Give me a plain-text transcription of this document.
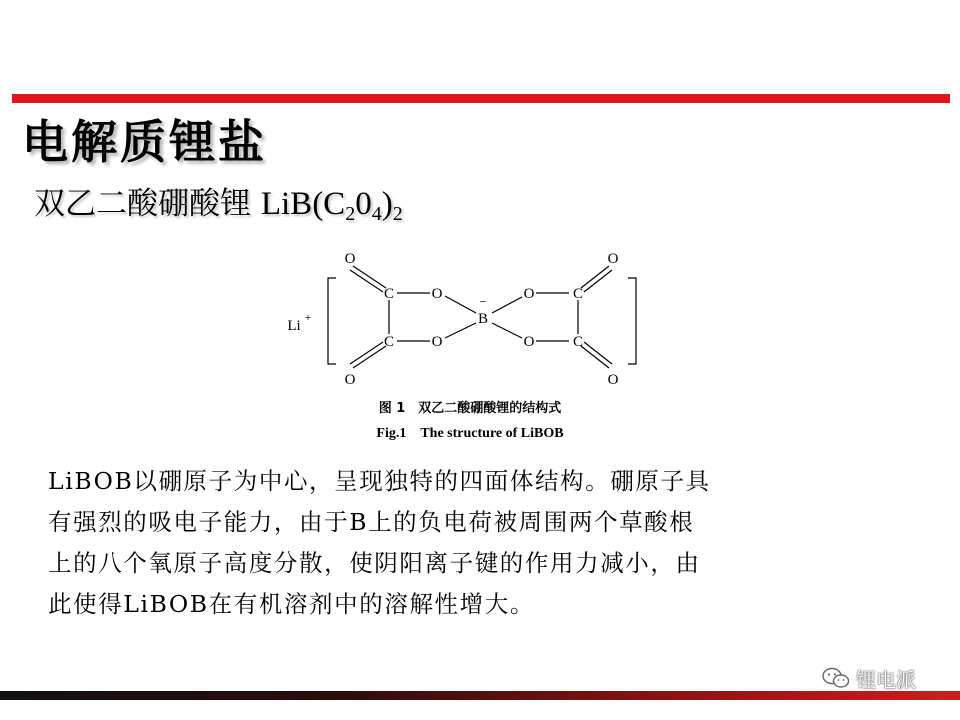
电解质锂盐
双乙二酸硼酸锂 $LiB(C_20_4)_2$
O
C	O
B
− O	C
O
C	O	O	C
O	O
Li
+
图 1　双乙二酸硼酸锂的结构式
Fig.1　The structure of LiBOB

LiBOB以硼原子为中心，呈现独特的四面体结构。硼原子具

有强烈的吸电子能力，由于B上的负电荷被周围两个草酸根

上的八个氧原子高度分散，使阴阳离子键的作用力减小，由

此使得LiBOB在有机溶剂中的溶解性增大。

锂电派
